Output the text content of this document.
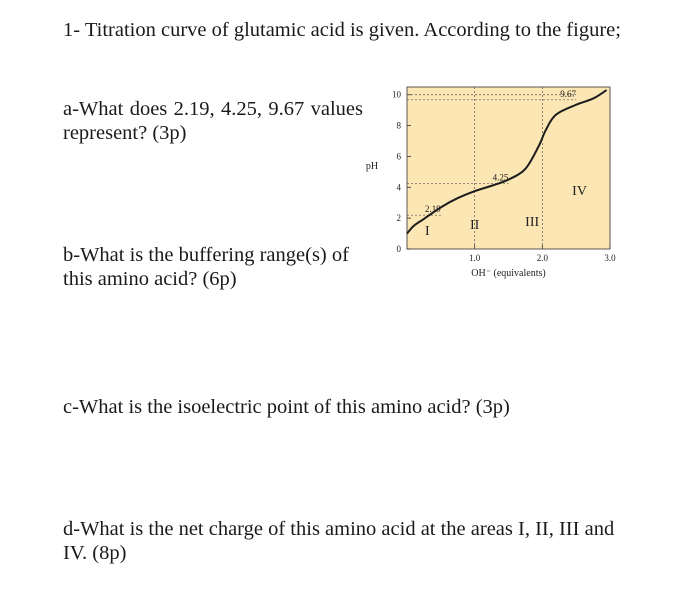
1- Titration curve of glutamic acid is given. According to the figure;

a-What does 2.19, 4.25, 9.67 values represent? (3p)

b-What is the buffering range(s) of this amino acid? (6p)

c-What is the isoelectric point of this amino acid? (3p)

d-What is the net charge of this amino acid at the areas I, II, III and IV. (8p)

0
2
4
6
8
10
1.0	2.0	3.0
pH
OH⁻ (equivalents)
2.19
4.25
9.67
I	II	III
IV
